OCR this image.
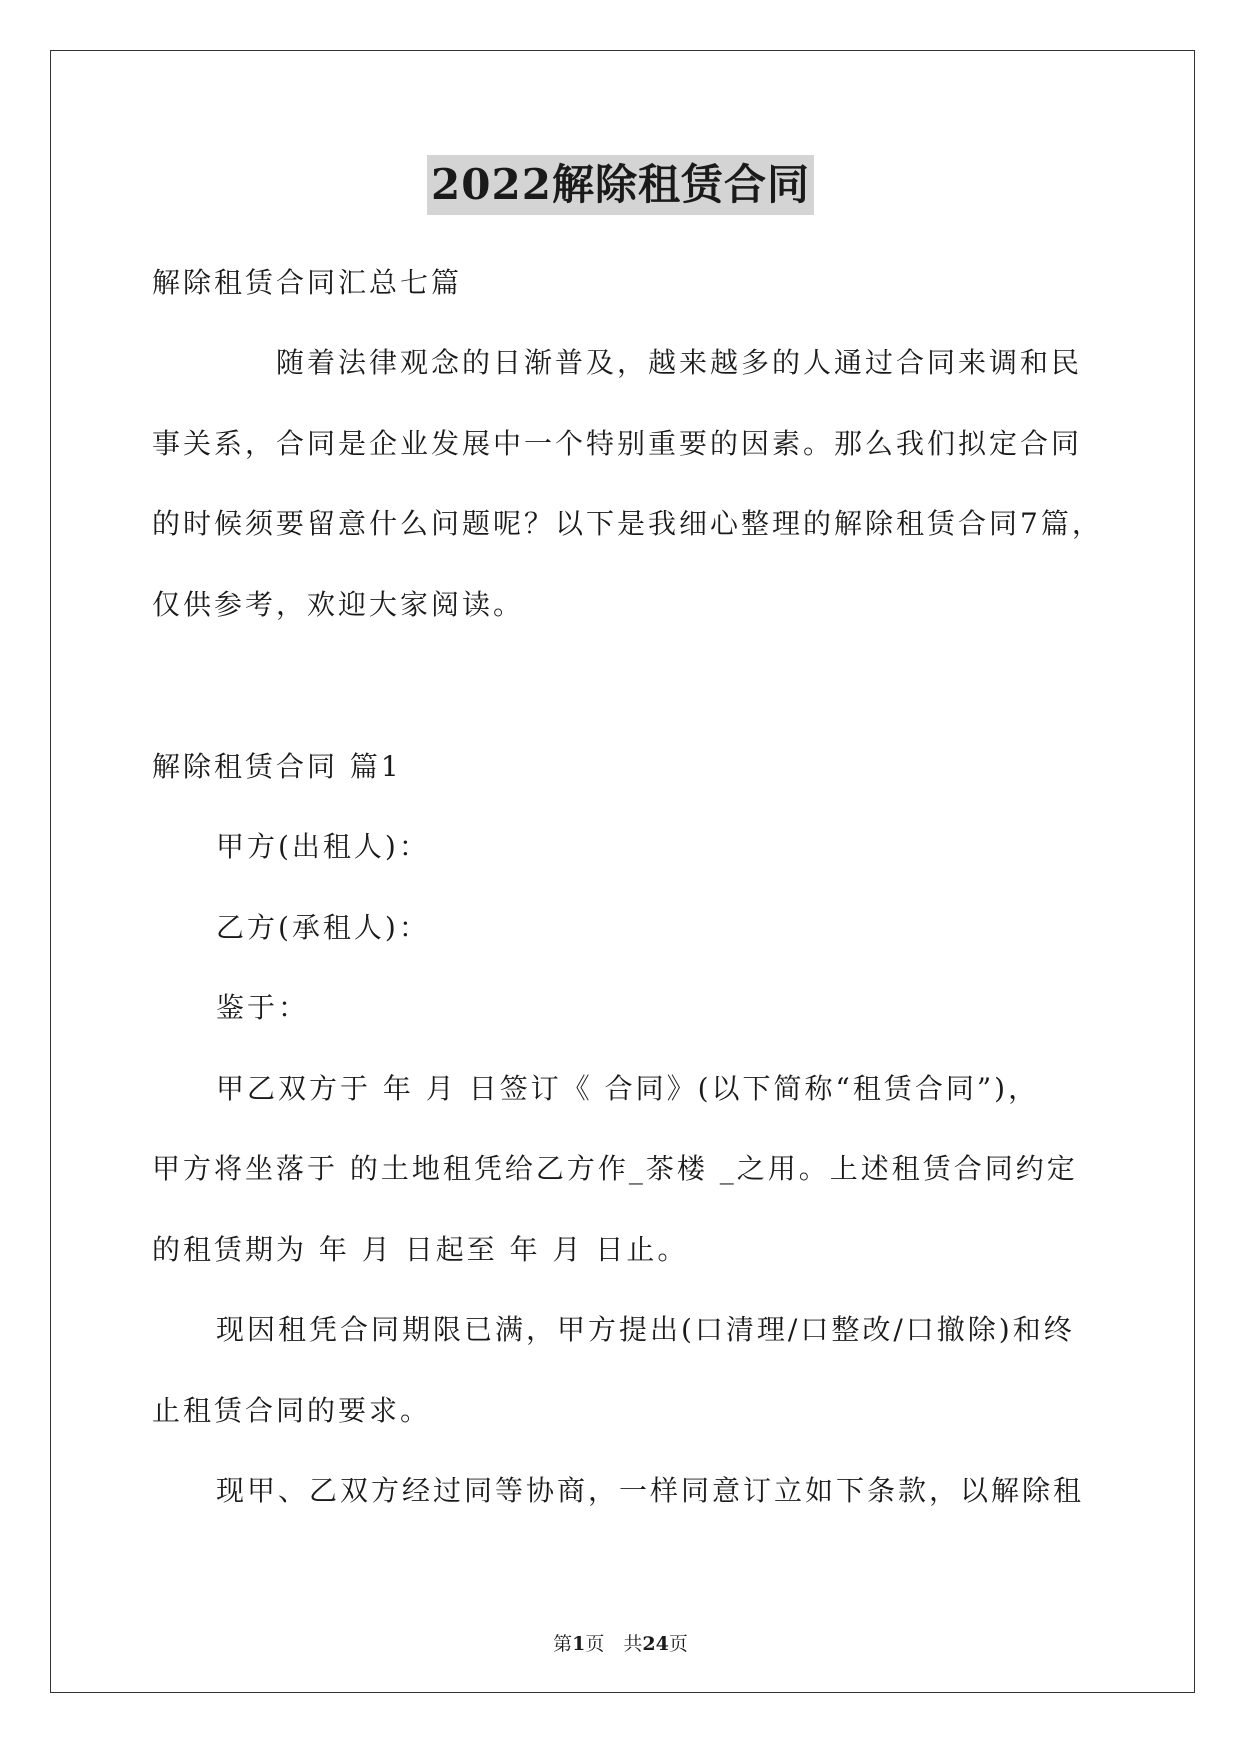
2022解除租赁合同
解除租赁合同汇总七篇
随着法律观念的日渐普及，越来越多的人通过合同来调和民
事关系，合同是企业发展中一个特别重要的因素。那么我们拟定合同
的时候须要留意什么问题呢？以下是我细心整理的解除租赁合同7篇，
仅供参考，欢迎大家阅读。
解除租赁合同 篇1
甲方(出租人)：
乙方(承租人)：
鉴于：
甲乙双方于 年 月 日签订《 合同》(以下简称“租赁合同”)，
甲方将坐落于 的土地租凭给乙方作_茶楼 _之用。上述租赁合同约定
的租赁期为 年 月 日起至 年 月 日止。
现因租凭合同期限已满，甲方提出(口清理/口整改/口撤除)和终
止租赁合同的要求。
现甲、乙双方经过同等协商，一样同意订立如下条款，以解除租
第1页　共24页
